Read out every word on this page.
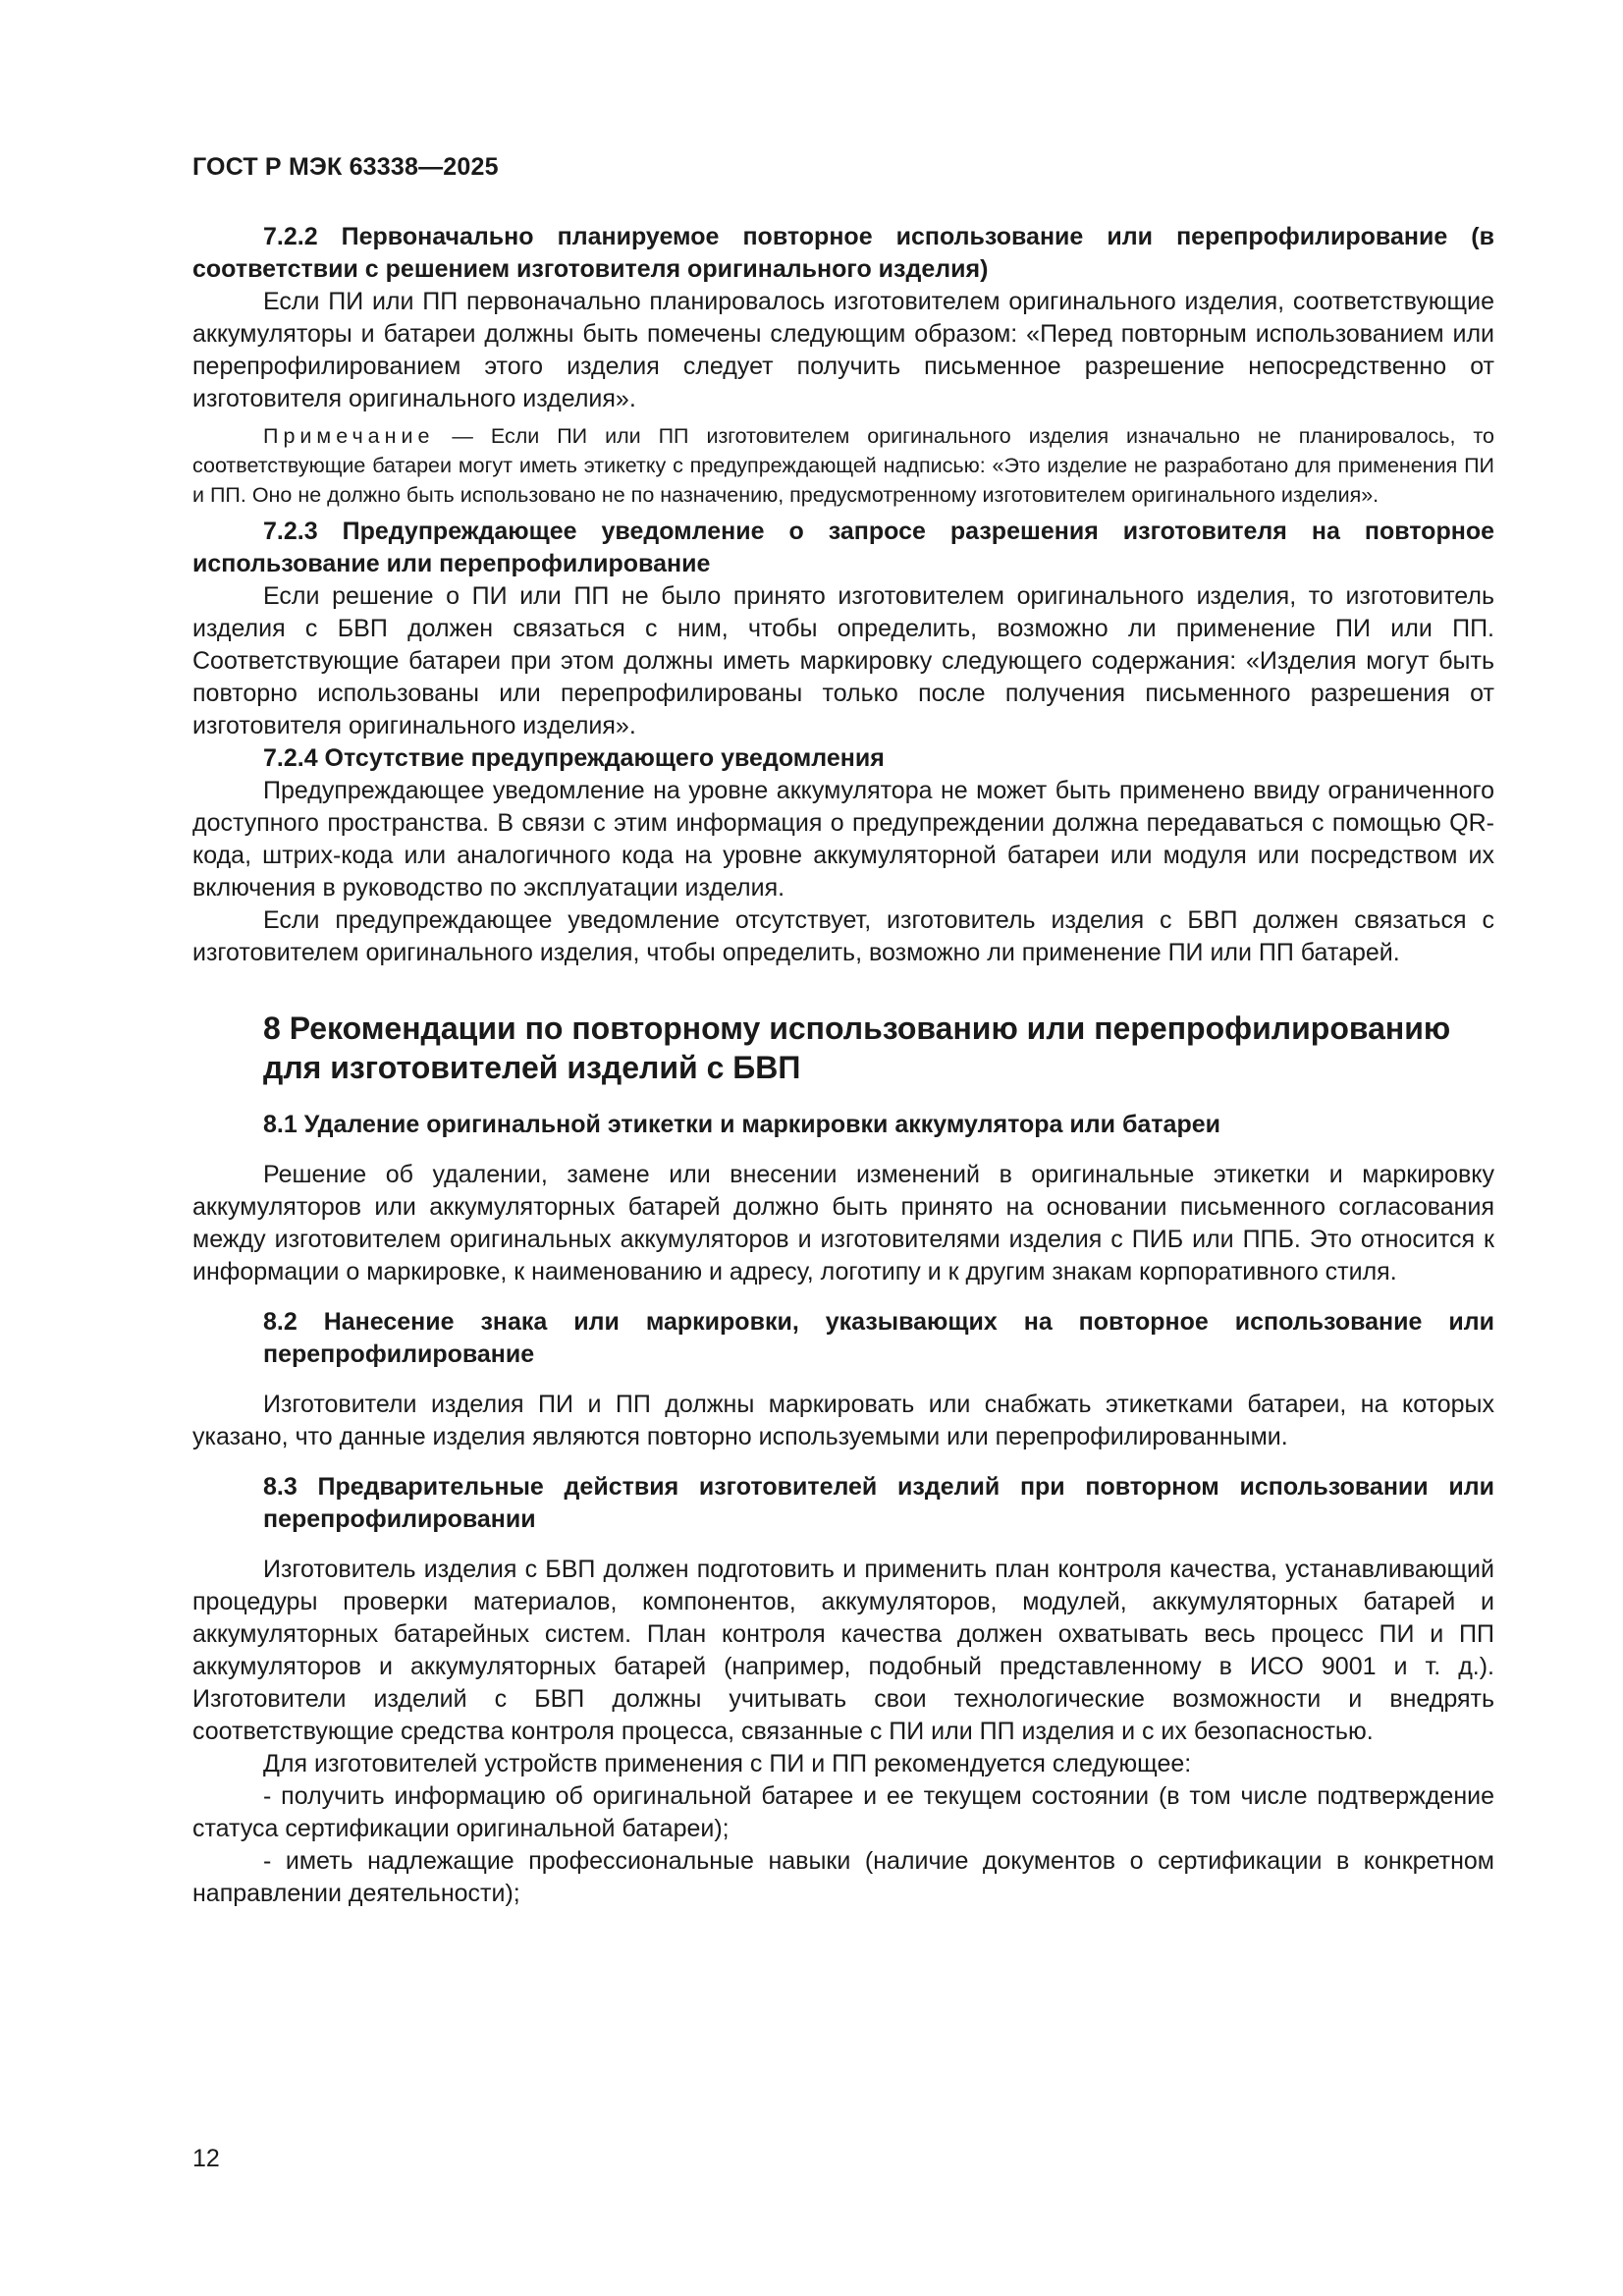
ГОСТ Р МЭК 63338—2025

7.2.2 Первоначально планируемое повторное использование или перепрофилирование (в соответствии с решением изготовителя оригинального изделия)

Если ПИ или ПП первоначально планировалось изготовителем оригинального изделия, соответствующие аккумуляторы и батареи должны быть помечены следующим образом: «Перед повторным использованием или перепрофилированием этого изделия следует получить письменное разрешение непосредственно от изготовителя оригинального изделия».

Примечание — Если ПИ или ПП изготовителем оригинального изделия изначально не планировалось, то соответствующие батареи могут иметь этикетку с предупреждающей надписью: «Это изделие не разработано для применения ПИ и ПП. Оно не должно быть использовано не по назначению, предусмотренному изготовителем оригинального изделия».

7.2.3 Предупреждающее уведомление о запросе разрешения изготовителя на повторное использование или перепрофилирование

Если решение о ПИ или ПП не было принято изготовителем оригинального изделия, то изготовитель изделия с БВП должен связаться с ним, чтобы определить, возможно ли применение ПИ или ПП. Соответствующие батареи при этом должны иметь маркировку следующего содержания: «Изделия могут быть повторно использованы или перепрофилированы только после получения письменного разрешения от изготовителя оригинального изделия».

7.2.4 Отсутствие предупреждающего уведомления

Предупреждающее уведомление на уровне аккумулятора не может быть применено ввиду ограниченного доступного пространства. В связи с этим информация о предупреждении должна передаваться с помощью QR-кода, штрих-кода или аналогичного кода на уровне аккумуляторной батареи или модуля или посредством их включения в руководство по эксплуатации изделия.

Если предупреждающее уведомление отсутствует, изготовитель изделия с БВП должен связаться с изготовителем оригинального изделия, чтобы определить, возможно ли применение ПИ или ПП батарей.

8 Рекомендации по повторному использованию или перепрофилированию для изготовителей изделий с БВП

8.1 Удаление оригинальной этикетки и маркировки аккумулятора или батареи

Решение об удалении, замене или внесении изменений в оригинальные этикетки и маркировку аккумуляторов или аккумуляторных батарей должно быть принято на основании письменного согласования между изготовителем оригинальных аккумуляторов и изготовителями изделия с ПИБ или ППБ. Это относится к информации о маркировке, к наименованию и адресу, логотипу и к другим знакам корпоративного стиля.

8.2 Нанесение знака или маркировки, указывающих на повторное использование или перепрофилирование

Изготовители изделия ПИ и ПП должны маркировать или снабжать этикетками батареи, на которых указано, что данные изделия являются повторно используемыми или перепрофилированными.

8.3 Предварительные действия изготовителей изделий при повторном использовании или перепрофилировании

Изготовитель изделия с БВП должен подготовить и применить план контроля качества, устанавливающий процедуры проверки материалов, компонентов, аккумуляторов, модулей, аккумуляторных батарей и аккумуляторных батарейных систем. План контроля качества должен охватывать весь процесс ПИ и ПП аккумуляторов и аккумуляторных батарей (например, подобный представленному в ИСО 9001 и т. д.). Изготовители изделий с БВП должны учитывать свои технологические возможности и внедрять соответствующие средства контроля процесса, связанные с ПИ или ПП изделия и с их безопасностью.

Для изготовителей устройств применения с ПИ и ПП рекомендуется следующее:

- получить информацию об оригинальной батарее и ее текущем состоянии (в том числе подтверждение статуса сертификации оригинальной батареи);

- иметь надлежащие профессиональные навыки (наличие документов о сертификации в конкретном направлении деятельности);

12
